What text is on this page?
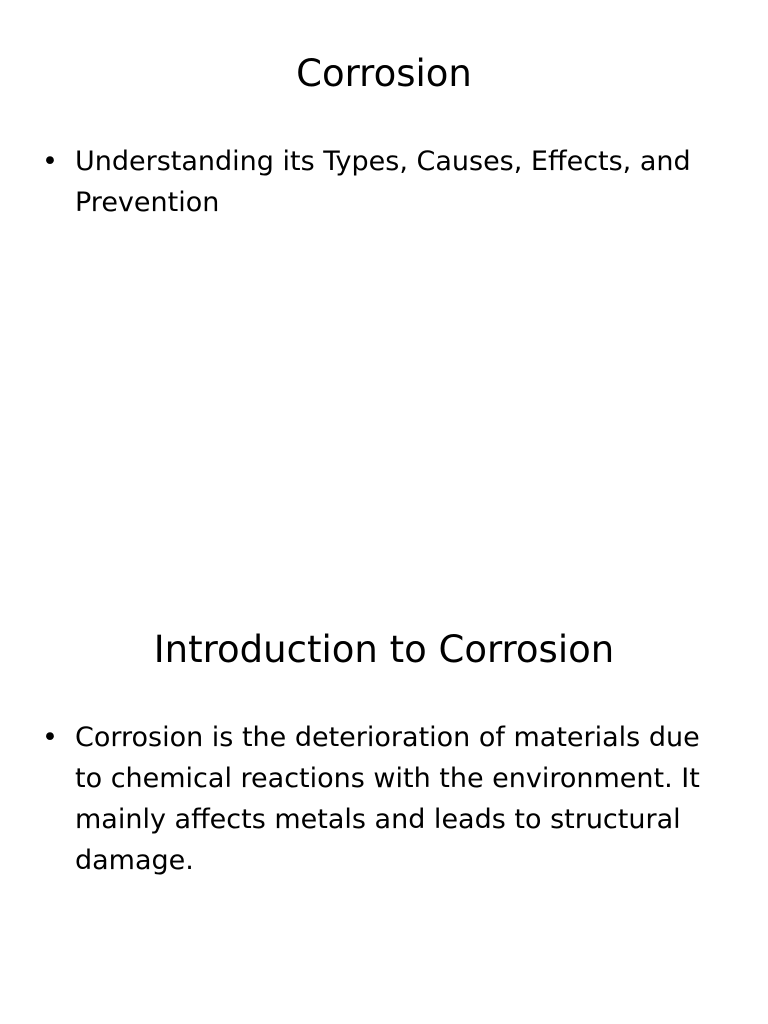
Corrosion
• Understanding its Types, Causes, Effects, and Prevention
Introduction to Corrosion
• Corrosion is the deterioration of materials due to chemical reactions with the environment. It mainly affects metals and leads to structural damage.
